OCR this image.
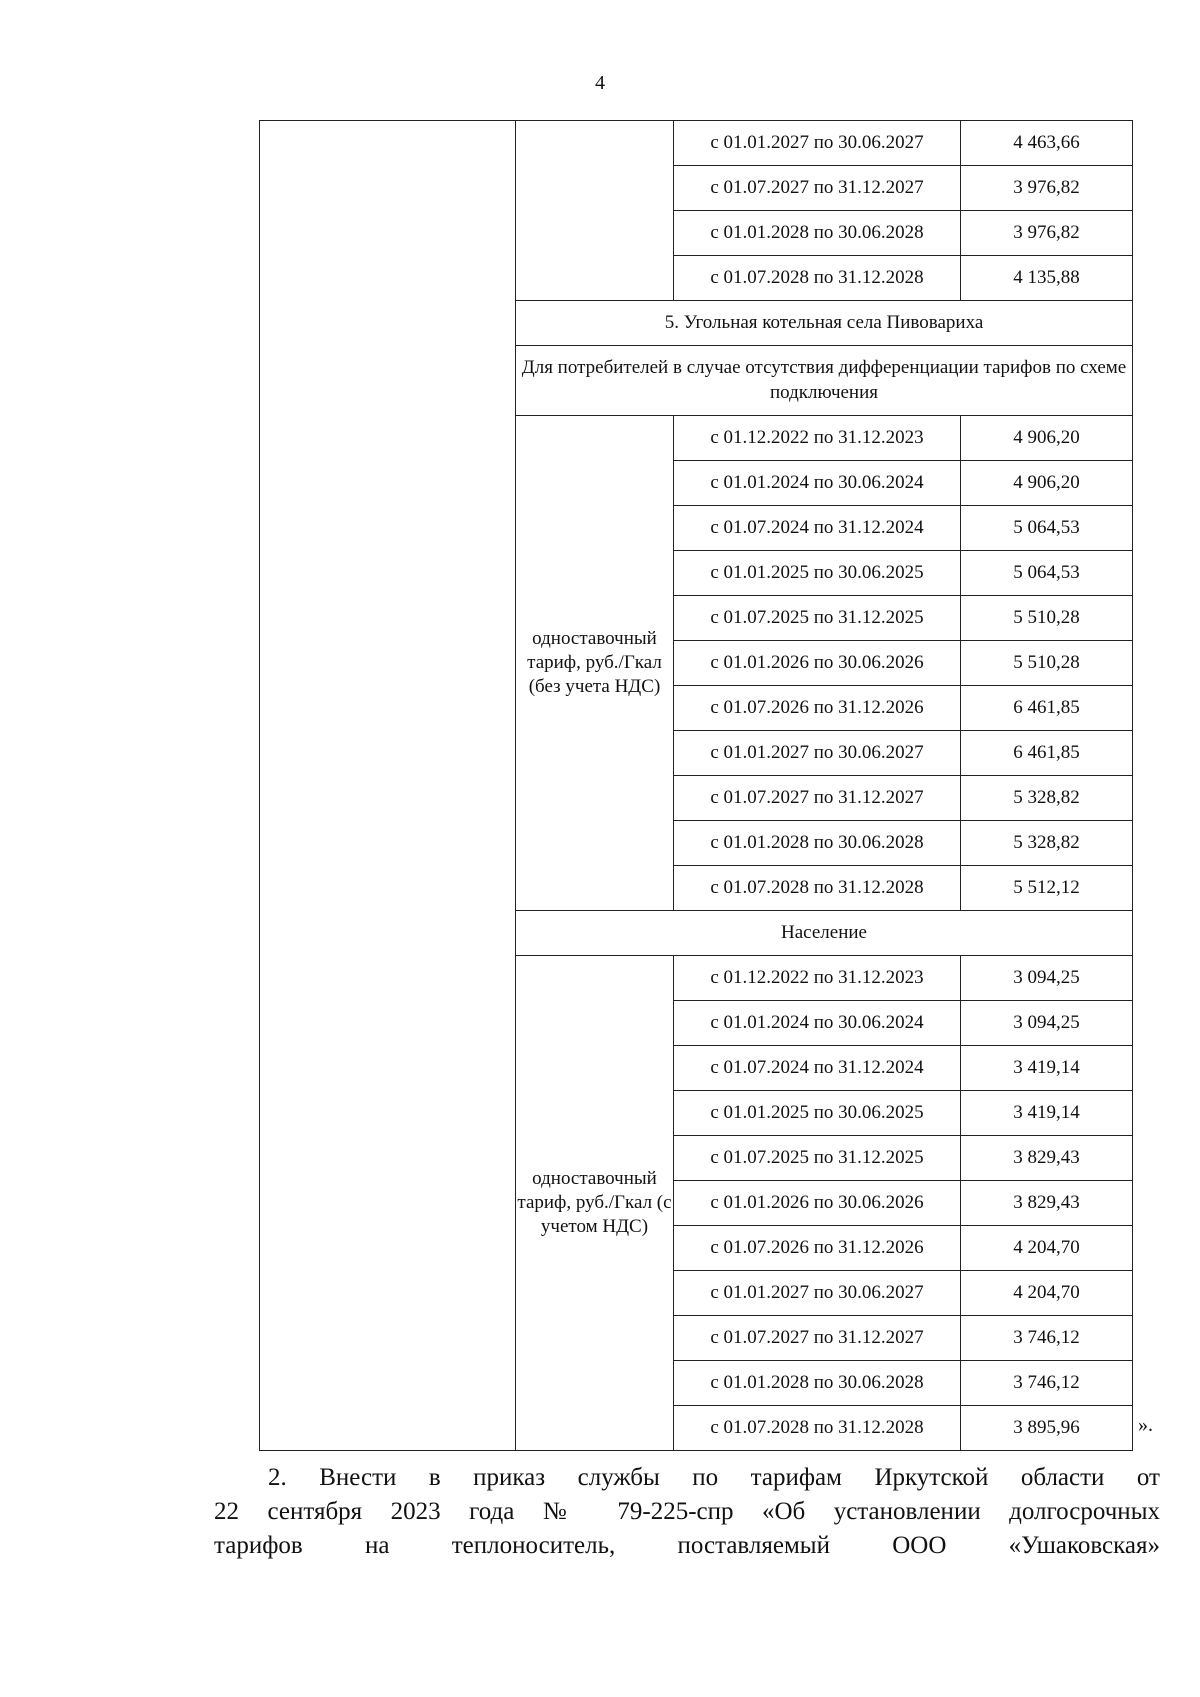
4
		с 01.01.2027 по 30.06.2027	4 463,66
		с 01.07.2027 по 31.12.2027	3 976,82
		с 01.01.2028 по 30.06.2028	3 976,82
		с 01.07.2028 по 31.12.2028	4 135,88
	5. Угольная котельная села Пивовариха		
	Для потребителей в случае отсутствия дифференциации тарифов по схеме подключения		
	одноставочный тариф, руб./Гкал (без учета НДС)	с 01.12.2022 по 31.12.2023	4 906,20
		с 01.01.2024 по 30.06.2024	4 906,20
		с 01.07.2024 по 31.12.2024	5 064,53
		с 01.01.2025 по 30.06.2025	5 064,53
		с 01.07.2025 по 31.12.2025	5 510,28
		с 01.01.2026 по 30.06.2026	5 510,28
		с 01.07.2026 по 31.12.2026	6 461,85
		с 01.01.2027 по 30.06.2027	6 461,85
		с 01.07.2027 по 31.12.2027	5 328,82
		с 01.01.2028 по 30.06.2028	5 328,82
		с 01.07.2028 по 31.12.2028	5 512,12
	Население		
	одноставочный тариф, руб./Гкал (с учетом НДС)	с 01.12.2022 по 31.12.2023	3 094,25
		с 01.01.2024 по 30.06.2024	3 094,25
		с 01.07.2024 по 31.12.2024	3 419,14
		с 01.01.2025 по 30.06.2025	3 419,14
		с 01.07.2025 по 31.12.2025	3 829,43
		с 01.01.2026 по 30.06.2026	3 829,43
		с 01.07.2026 по 31.12.2026	4 204,70
		с 01.01.2027 по 30.06.2027	4 204,70
		с 01.07.2027 по 31.12.2027	3 746,12
		с 01.01.2028 по 30.06.2028	3 746,12
		с 01.07.2028 по 31.12.2028	3 895,96	».
2. Внести в приказ службы по тарифам Иркутской области от
22 сентября 2023 года № 79-225-спр «Об установлении долгосрочных
тарифов на теплоноситель, поставляемый ООО «Ушаковская»
